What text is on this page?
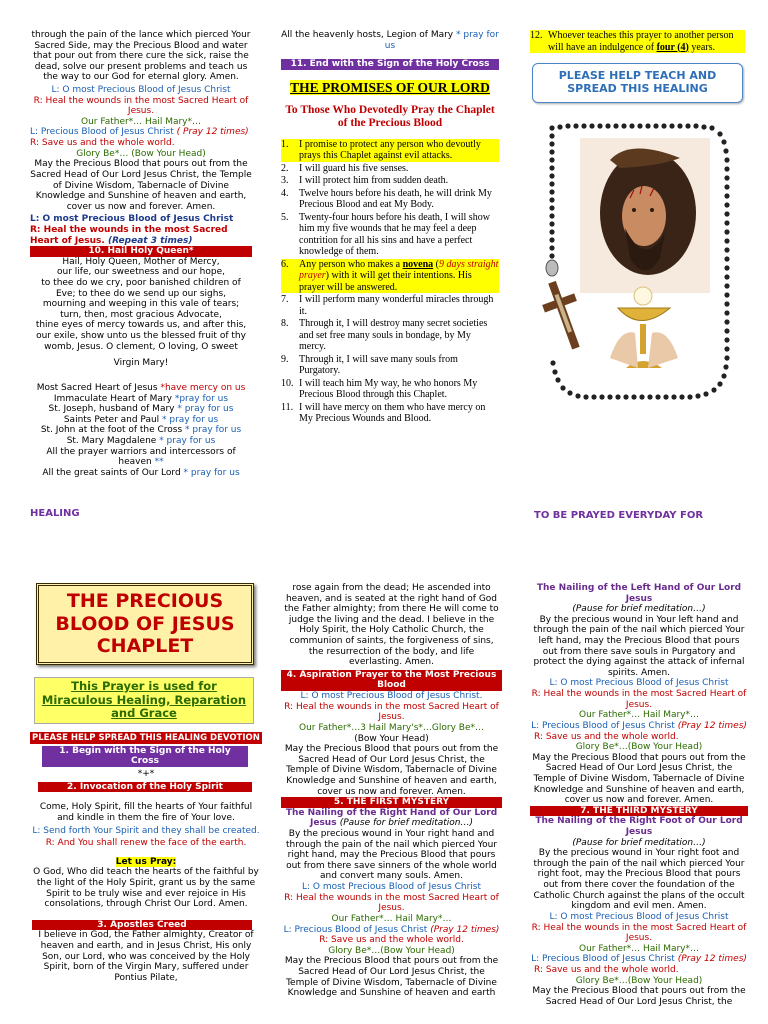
through the pain of the lance which pierced Your Sacred Side, may the Precious Blood and water that pour out from there cure the sick, raise the dead, solve our present problems and teach us the way to our God for eternal glory. Amen.

L: O most Precious Blood of Jesus Christ

R: Heal the wounds in the most Sacred Heart of Jesus.

Our Father*… Hail Mary*…

L: Precious Blood of Jesus Christ ( Pray 12 times)

R: Save us and the whole world.

Glory Be*… (Bow Your Head)

May the Precious Blood that pours out from the Sacred Head of Our Lord Jesus Christ, the Temple of Divine Wisdom, Tabernacle of Divine Knowledge and Sunshine of heaven and earth, cover us now and forever. Amen.

L: O most Precious Blood of Jesus Christ

R: Heal the wounds in the most Sacred Heart of Jesus. (Repeat 3 times)

10. Hail Holy Queen*

Hail, Holy Queen, Mother of Mercy,

our life, our sweetness and our hope,

to thee do we cry, poor banished children of

Eve; to thee do we send up our sighs,

mourning and weeping in this vale of tears;

turn, then, most gracious Advocate,

thine eyes of mercy towards us, and after this,

our exile, show unto us the blessed fruit of thy

womb, Jesus. O clement, O loving, O sweet

Virgin Mary!

Most Sacred Heart of Jesus *have mercy on us

Immaculate Heart of Mary *pray for us

St. Joseph, husband of Mary * pray for us

Saints Peter and Paul * pray for us

St. John at the foot of the Cross * pray for us

St. Mary Magdalene * pray for us

All the prayer warriors and intercessors of heaven **

All the great saints of Our Lord * pray for us

HEALING

All the heavenly hosts, Legion of Mary * pray for us

11. End with the Sign of the Holy Cross
THE PROMISES OF OUR LORD

To Those Who Devotedly Pray the Chaplet of the Precious Blood

1.	I promise to protect any person who devoutly prays this Chaplet against evil attacks.
2.	I will guard his five senses.
3.	I will protect him from sudden death.
4.	Twelve hours before his death, he will drink My Precious Blood and eat My Body.
5.	Twenty-four hours before his death, I will show him my five wounds that he may feel a deep contrition for all his sins and have a perfect knowledge of them.
6.	Any person who makes a novena (9 days straight prayer) with it will get their intentions. His prayer will be answered.
7.	I will perform many wonderful miracles through it.
8.	Through it, I will destroy many secret societies and set free many souls in bondage, by My mercy.
9.	Through it, I will save many souls from Purgatory.
10. I will teach him My way, he who honors My Precious Blood through this Chaplet.
11. I will have mercy on them who have mercy on My Precious Wounds and Blood.
12. Whoever teaches this prayer to another person will have an indulgence of four (4) years.
PLEASE HELP TEACH AND SPREAD THIS HEALING

TO BE PRAYED EVERYDAY FOR

THE PRECIOUS BLOOD OF JESUS CHAPLET
This Prayer is used for Miraculous Healing, Reparation and Grace
PLEASE HELP SPREAD THIS HEALING DEVOTION
1. Begin with the Sign of the Holy Cross

*+*

2. Invocation of the Holy Spirit

Come, Holy Spirit, fill the hearts of Your faithful and kindle in them the fire of Your love.

L: Send forth Your Spirit and they shall be created.

R: And You shall renew the face of the earth.

Let us Pray:

O God, Who did teach the hearts of the faithful by the light of the Holy Spirit, grant us by the same Spirit to be truly wise and ever rejoice in His consolations, through Christ Our Lord. Amen.

3. Apostles Creed

I believe in God, the Father almighty, Creator of heaven and earth, and in Jesus Christ, His only Son, our Lord, who was conceived by the Holy Spirit, born of the Virgin Mary, suffered under Pontius Pilate,

rose again from the dead; He ascended into heaven, and is seated at the right hand of God the Father almighty; from there He will come to judge the living and the dead. I believe in the Holy Spirit, the Holy Catholic Church, the communion of saints, the forgiveness of sins, the resurrection of the body, and life everlasting. Amen.

4. Aspiration Prayer to the Most Precious Blood

L: O most Precious Blood of Jesus Christ.

R: Heal the wounds in the most Sacred Heart of Jesus.

Our Father*…3 Hail Mary's*…Glory Be*…

(Bow Your Head)

May the Precious Blood that pours out from the Sacred Head of Our Lord Jesus Christ, the Temple of Divine Wisdom, Tabernacle of Divine Knowledge and Sunshine of heaven and earth, cover us now and forever. Amen.

5. THE FIRST MYSTERY

The Nailing of the Right Hand of Our Lord Jesus (Pause for brief meditation…)

By the precious wound in Your right hand and through the pain of the nail which pierced Your right hand, may the Precious Blood that pours out from there save sinners of the whole world and convert many souls. Amen.

L: O most Precious Blood of Jesus Christ

R: Heal the wounds in the most Sacred Heart of Jesus.

Our Father*… Hail Mary*…

L: Precious Blood of Jesus Christ (Pray 12 times)

R: Save us and the whole world.

Glory Be*…(Bow Your Head)

May the Precious Blood that pours out from the Sacred Head of Our Lord Jesus Christ, the Temple of Divine Wisdom, Tabernacle of Divine Knowledge and Sunshine of heaven and earth

The Nailing of the Left Hand of Our Lord Jesus

(Pause for brief meditation…)

By the precious wound in Your left hand and through the pain of the nail which pierced Your left hand, may the Precious Blood that pours out from there save souls in Purgatory and protect the dying against the attack of infernal spirits. Amen.

L: O most Precious Blood of Jesus Christ

R: Heal the wounds in the most Sacred Heart of Jesus.

Our Father*… Hail Mary*…

L: Precious Blood of Jesus Christ (Pray 12 times)

R: Save us and the whole world.

Glory Be*…(Bow Your Head)

May the Precious Blood that pours out from the Sacred Head of Our Lord Jesus Christ, the Temple of Divine Wisdom, Tabernacle of Divine Knowledge and Sunshine of heaven and earth, cover us now and forever. Amen.

7. THE THIRD MYSTERY

The Nailing of the Right Foot of Our Lord Jesus

(Pause for brief meditation…)

By the precious wound in Your right foot and through the pain of the nail which pierced Your right foot, may the Precious Blood that pours out from there cover the foundation of the Catholic Church against the plans of the occult kingdom and evil men. Amen.

L: O most Precious Blood of Jesus Christ

R: Heal the wounds in the most Sacred Heart of Jesus.

Our Father*… Hail Mary*…

L: Precious Blood of Jesus Christ (Pray 12 times)

R: Save us and the whole world.

Glory Be*…(Bow Your Head)

May the Precious Blood that pours out from the Sacred Head of Our Lord Jesus Christ, the
